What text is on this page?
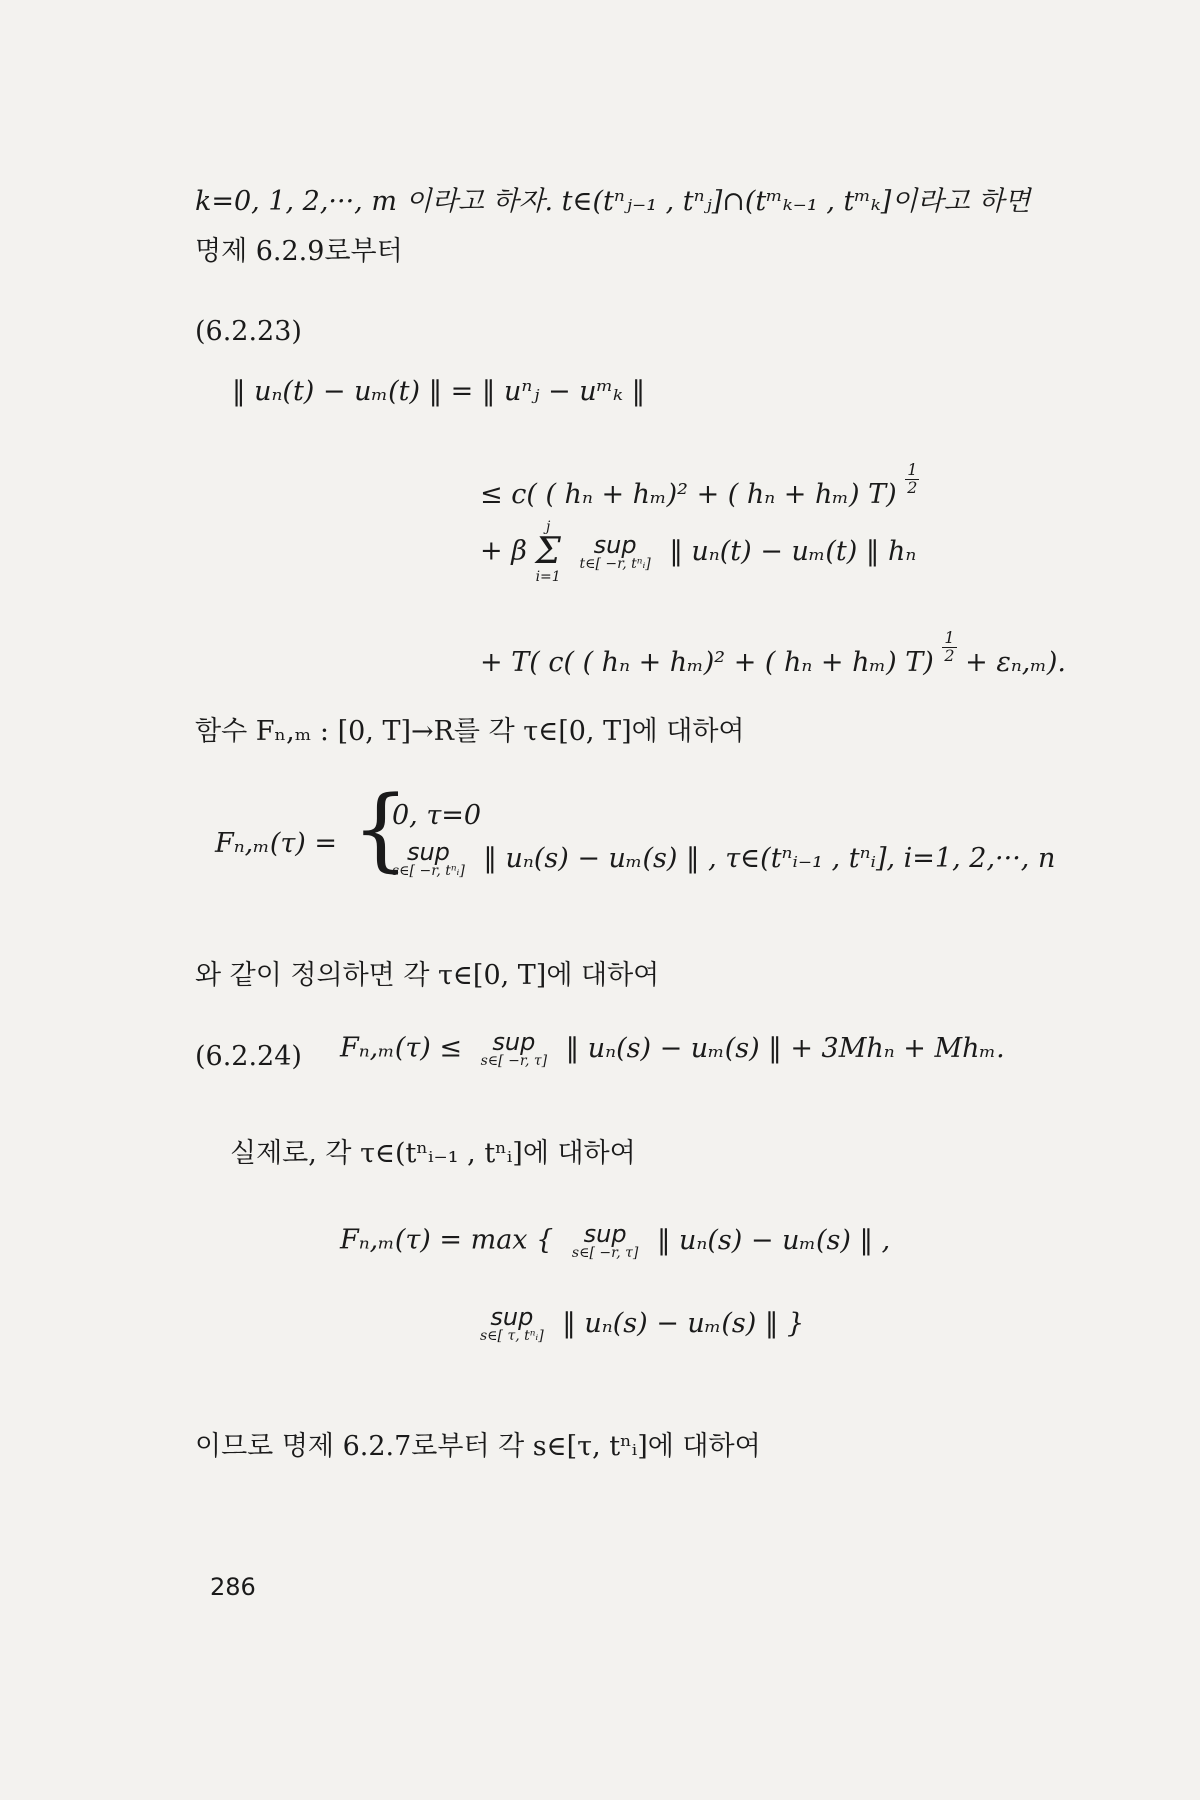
k=0, 1, 2,···, m 이라고 하자. t∈(tⁿⱼ₋₁ , tⁿⱼ]∩(tᵐₖ₋₁ , tᵐₖ]이라고 하면
명제 6.2.9로부터
(6.2.23)
‖ uₙ(t) − uₘ(t) ‖ = ‖ uⁿⱼ − uᵐₖ ‖
≤ c( ( hₙ + hₘ)² + ( hₙ + hₘ) $T) \frac{1}{2}$
+ β
j
Σ
i=1

sup
t∈[ −r, tⁿᵢ] ‖ uₙ(t) − uₘ(t) ‖ hₙ
+ T( c( ( hₙ + hₘ)² + ( hₙ + hₘ) $T) \frac{1}{2} + \varepsilon_n,_m$).
함수 Fₙ,ₘ : [0, T]→R를 각 τ∈[0, T]에 대하여
Fₙ,ₘ(τ) = {
0, τ=0
sup
s∈[ −r, tⁿᵢ] ‖ uₙ(s) − uₘ(s) ‖ , τ∈(tⁿᵢ₋₁ , tⁿᵢ], i=1, 2,···, n
와 같이 정의하면 각 τ∈[0, T]에 대하여
(6.2.24) Fₙ,ₘ(τ) ≤	sup
s∈[ −r, τ] ‖ uₙ(s) − uₘ(s) ‖ + 3Mhₙ + Mhₘ.
실제로, 각 τ∈(tⁿᵢ₋₁ , tⁿᵢ]에 대하여
Fₙ,ₘ(τ) = max {	sup
s∈[ −r, τ] ‖ uₙ(s) − uₘ(s) ‖ ,
sup
s∈[ τ, tⁿᵢ] ‖ uₙ(s) − uₘ(s) ‖ }
이므로 명제 6.2.7로부터 각 s∈[τ, tⁿᵢ]에 대하여
286
